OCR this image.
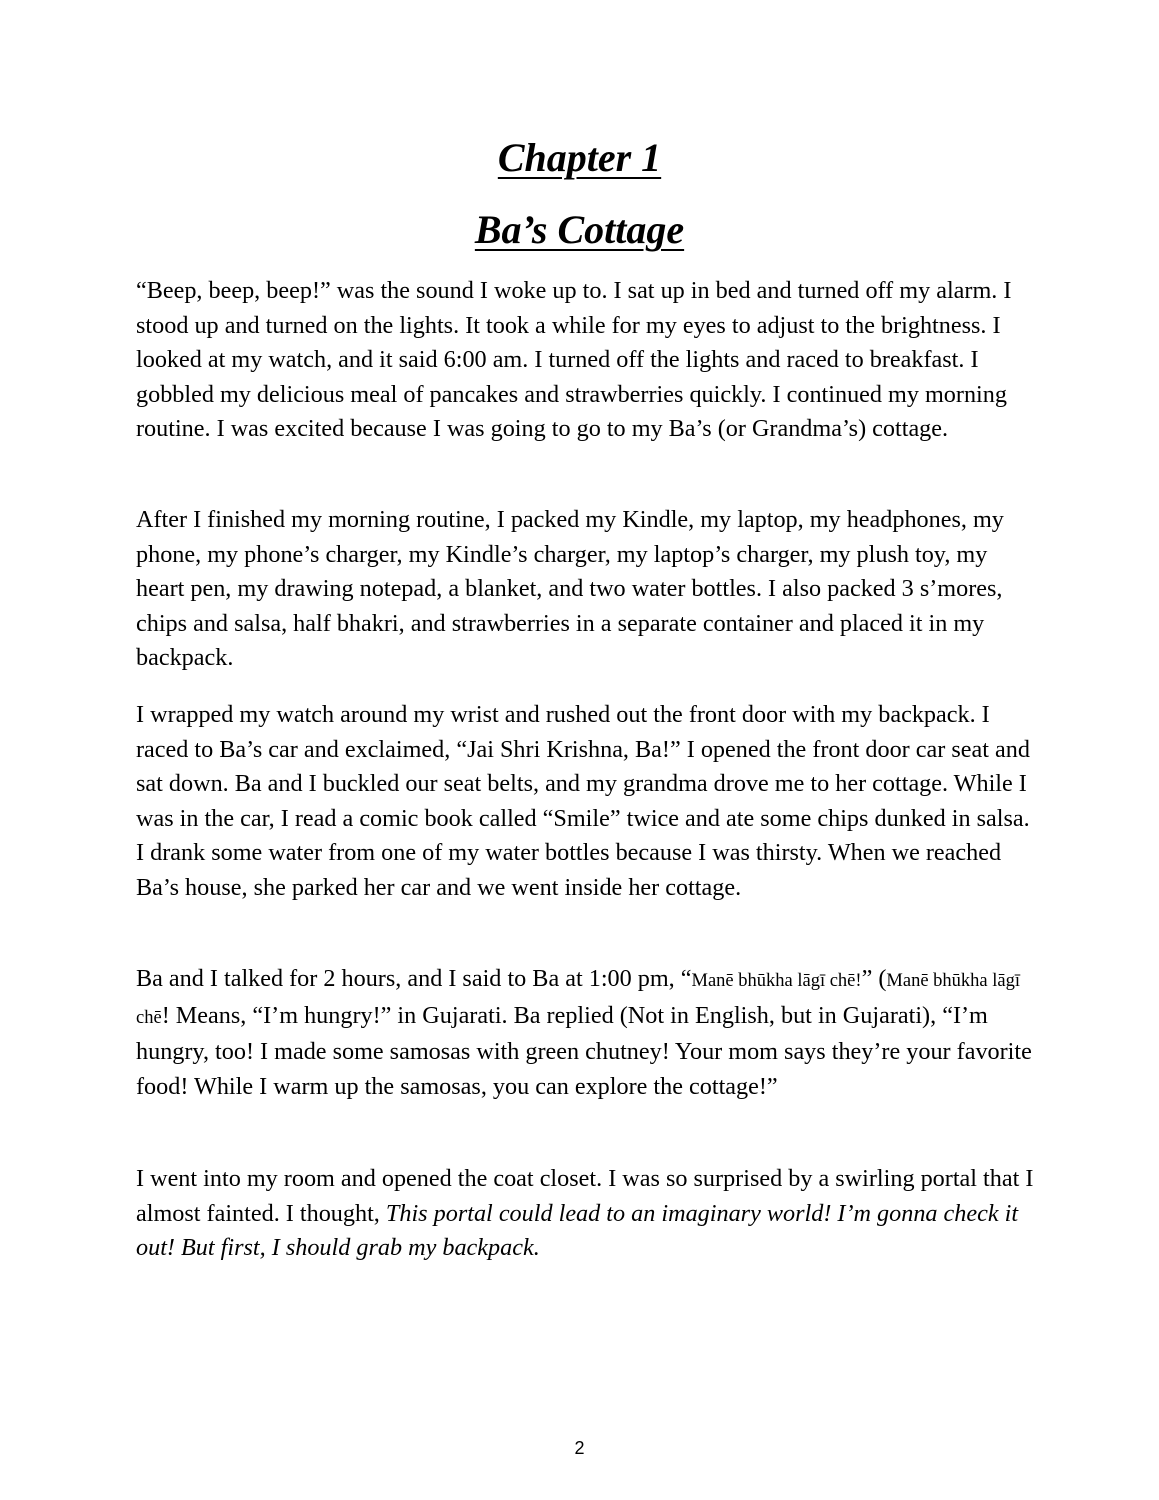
Chapter 1
Ba’s Cottage

“Beep, beep, beep!” was the sound I woke up to. I sat up in bed and turned off my alarm. I stood up and turned on the lights. It took a while for my eyes to adjust to the brightness. I looked at my watch, and it said 6:00 am. I turned off the lights and raced to breakfast. I gobbled my delicious meal of pancakes and strawberries quickly. I continued my morning routine. I was excited because I was going to go to my Ba’s (or Grandma’s) cottage.

After I finished my morning routine, I packed my Kindle, my laptop, my headphones, my phone, my phone’s charger, my Kindle’s charger, my laptop’s charger, my plush toy, my heart pen, my drawing notepad, a blanket, and two water bottles. I also packed 3 s’mores, chips and salsa, half bhakri, and strawberries in a separate container and placed it in my backpack.

I wrapped my watch around my wrist and rushed out the front door with my backpack. I raced to Ba’s car and exclaimed, “Jai Shri Krishna, Ba!” I opened the front door car seat and sat down. Ba and I buckled our seat belts, and my grandma drove me to her cottage. While I was in the car, I read a comic book called “Smile” twice and ate some chips dunked in salsa. I drank some water from one of my water bottles because I was thirsty. When we reached Ba’s house, she parked her car and we went inside her cottage.

Ba and I talked for 2 hours, and I said to Ba at 1:00 pm, “Manē bhūkha lāgī chē!” (Manē bhūkha lāgī chē! Means, “I’m hungry!” in Gujarati. Ba replied (Not in English, but in Gujarati), “I’m hungry, too! I made some samosas with green chutney! Your mom says they’re your favorite food! While I warm up the samosas, you can explore the cottage!”

I went into my room and opened the coat closet. I was so surprised by a swirling portal that I almost fainted. I thought, This portal could lead to an imaginary world! I’m gonna check it out! But first, I should grab my backpack.

2
